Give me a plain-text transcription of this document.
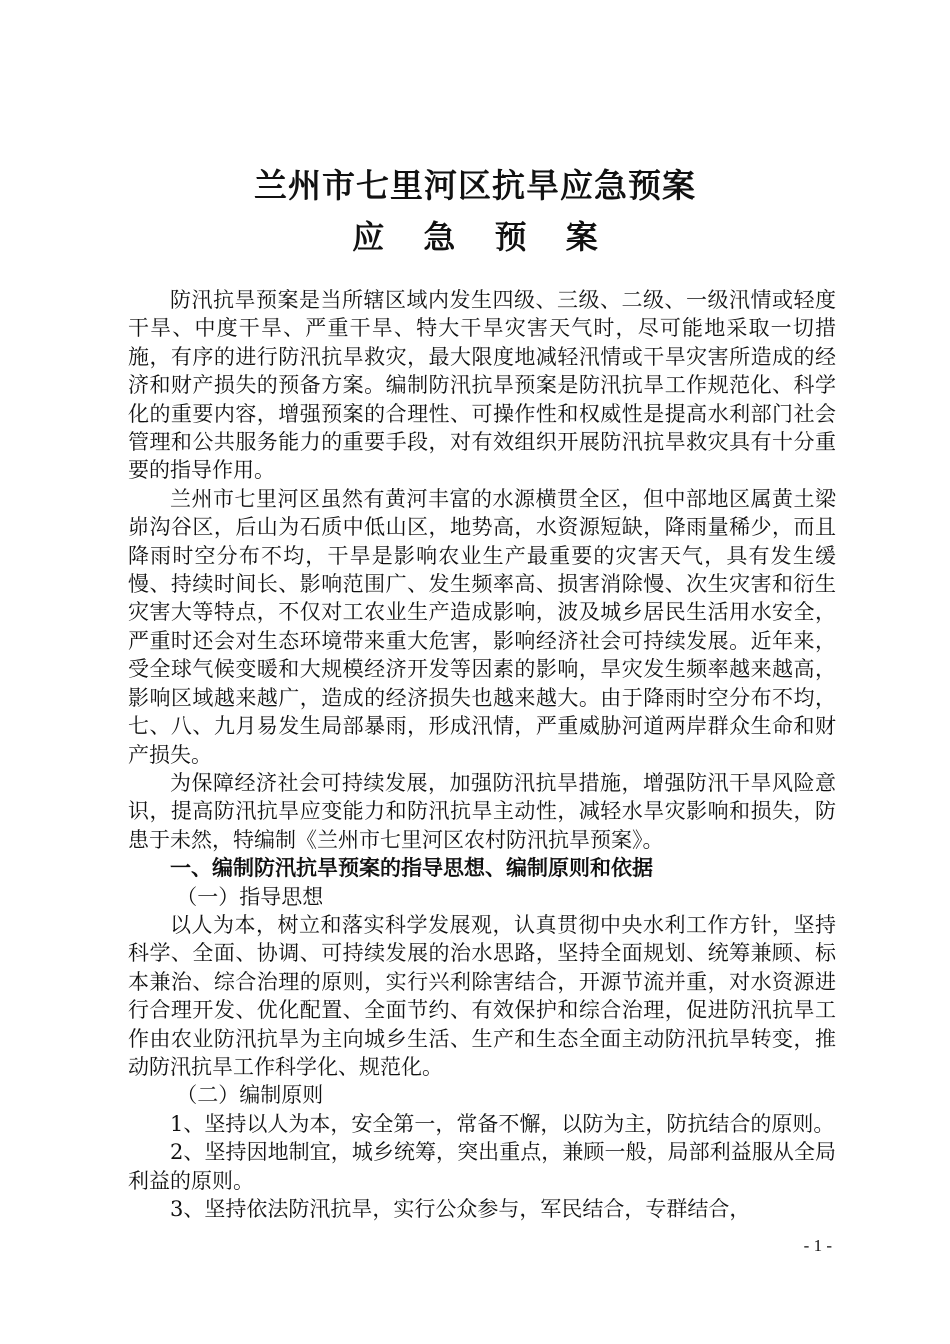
兰州市七里河区抗旱应急预案
应 急 预 案

防汛抗旱预案是当所辖区域内发生四级、三级、二级、一级汛情或轻度干旱、中度干旱、严重干旱、特大干旱灾害天气时，尽可能地采取一切措施，有序的进行防汛抗旱救灾，最大限度地减轻汛情或干旱灾害所造成的经济和财产损失的预备方案。编制防汛抗旱预案是防汛抗旱工作规范化、科学化的重要内容，增强预案的合理性、可操作性和权威性是提高水利部门社会管理和公共服务能力的重要手段，对有效组织开展防汛抗旱救灾具有十分重要的指导作用。

兰州市七里河区虽然有黄河丰富的水源横贯全区，但中部地区属黄土梁峁沟谷区，后山为石质中低山区，地势高，水资源短缺，降雨量稀少，而且降雨时空分布不均，干旱是影响农业生产最重要的灾害天气，具有发生缓慢、持续时间长、影响范围广、发生频率高、损害消除慢、次生灾害和衍生灾害大等特点，不仅对工农业生产造成影响，波及城乡居民生活用水安全，严重时还会对生态环境带来重大危害，影响经济社会可持续发展。近年来，受全球气候变暖和大规模经济开发等因素的影响，旱灾发生频率越来越高，影响区域越来越广，造成的经济损失也越来越大。由于降雨时空分布不均，七、八、九月易发生局部暴雨，形成汛情，严重威胁河道两岸群众生命和财产损失。

为保障经济社会可持续发展，加强防汛抗旱措施，增强防汛干旱风险意识，提高防汛抗旱应变能力和防汛抗旱主动性，减轻水旱灾影响和损失，防患于未然，特编制《兰州市七里河区农村防汛抗旱预案》。

一、编制防汛抗旱预案的指导思想、编制原则和依据

（一）指导思想

以人为本，树立和落实科学发展观，认真贯彻中央水利工作方针，坚持科学、全面、协调、可持续发展的治水思路，坚持全面规划、统筹兼顾、标本兼治、综合治理的原则，实行兴利除害结合，开源节流并重，对水资源进行合理开发、优化配置、全面节约、有效保护和综合治理，促进防汛抗旱工作由农业防汛抗旱为主向城乡生活、生产和生态全面主动防汛抗旱转变，推动防汛抗旱工作科学化、规范化。

（二）编制原则

1、坚持以人为本，安全第一，常备不懈，以防为主，防抗结合的原则。

2、坚持因地制宜，城乡统筹，突出重点，兼顾一般，局部利益服从全局利益的原则。

3、坚持依法防汛抗旱，实行公众参与，军民结合，专群结合，

- 1 -
